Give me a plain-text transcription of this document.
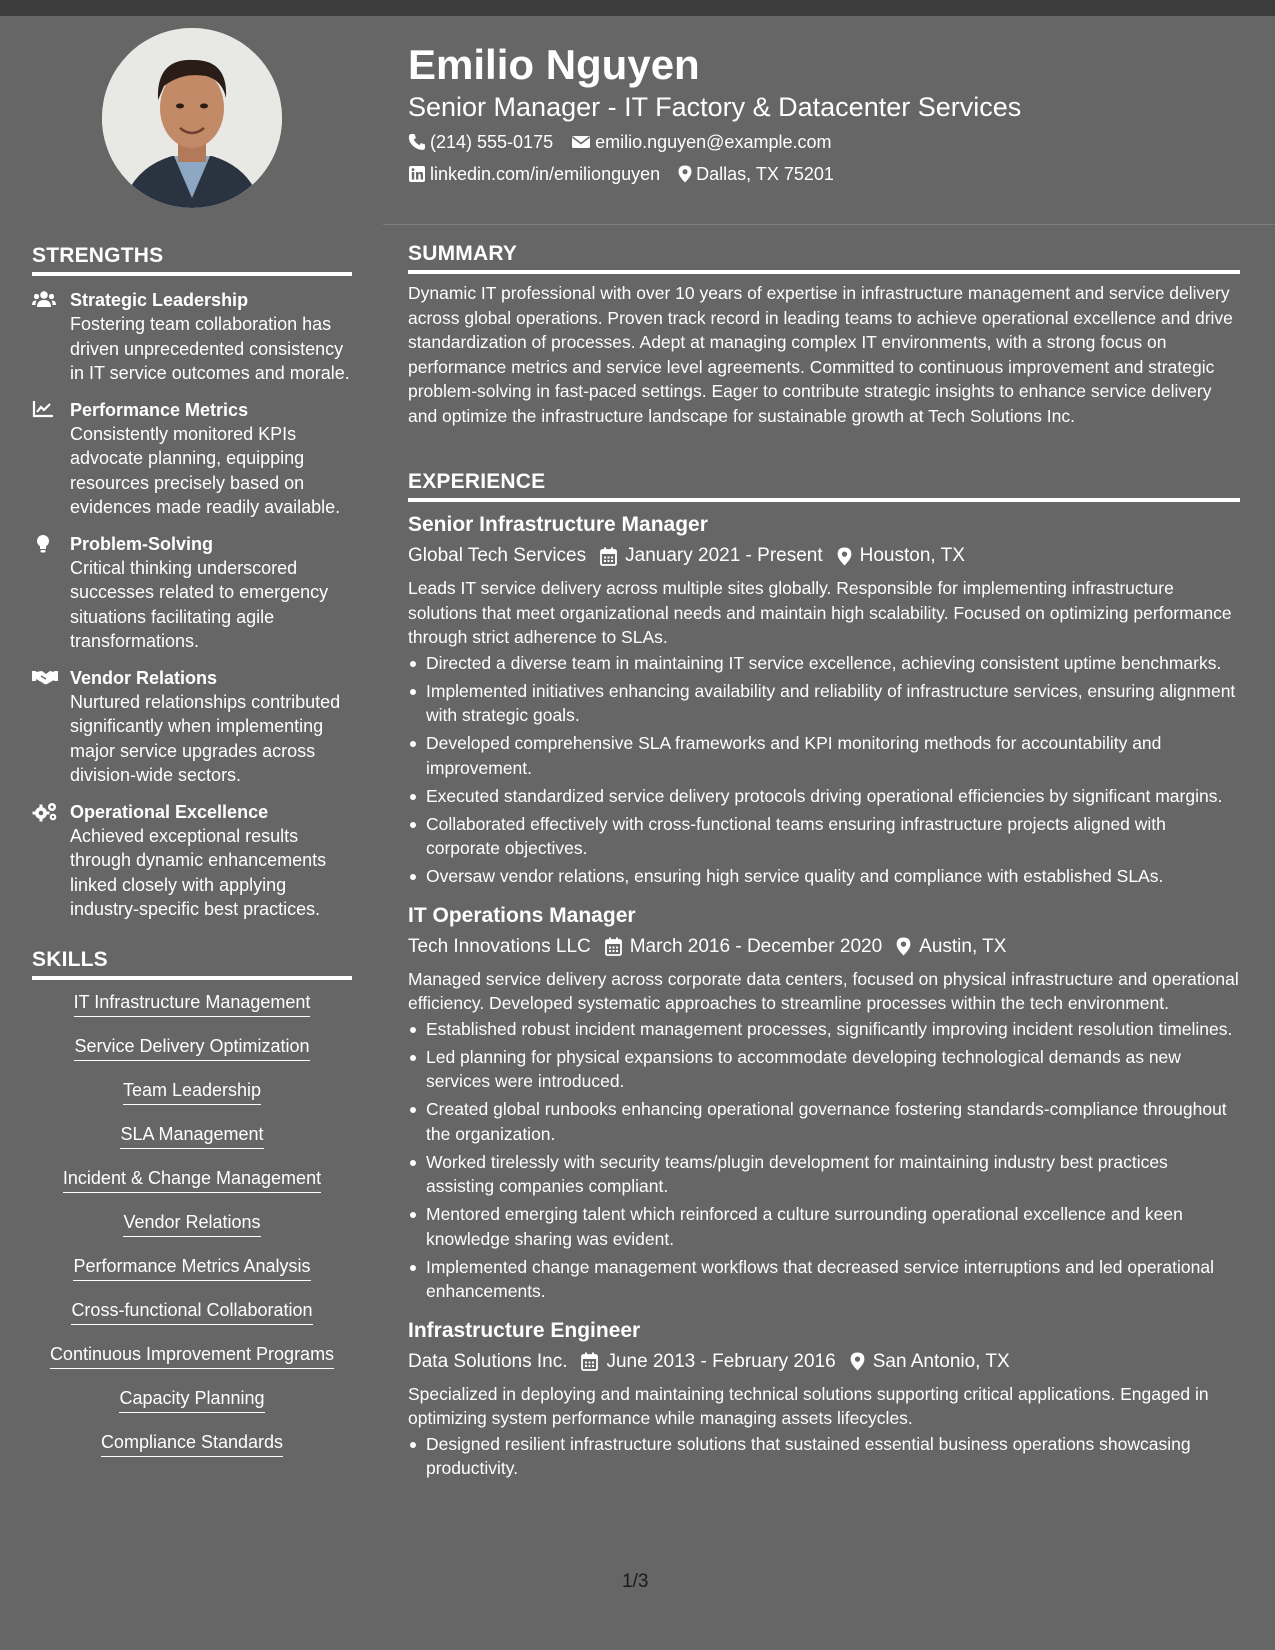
STRENGTHS
Strategic Leadership
Fostering team collaboration has driven unprecedented consistency in IT service outcomes and morale.
Performance Metrics
Consistently monitored KPIs advocate planning, equipping resources precisely based on evidences made readily available.
Problem-Solving
Critical thinking underscored successes related to emergency situations facilitating agile transformations.
Vendor Relations
Nurtured relationships contributed significantly when implementing major service upgrades across division-wide sectors.
Operational Excellence
Achieved exceptional results through dynamic enhancements linked closely with applying industry-specific best practices.
SKILLS
IT Infrastructure Management
Service Delivery Optimization
Team Leadership
SLA Management
Incident & Change Management
Vendor Relations
Performance Metrics Analysis
Cross-functional Collaboration
Continuous Improvement Programs
Capacity Planning
Compliance Standards
Emilio Nguyen
Senior Manager - IT Factory & Datacenter Services
(214) 555-0175 emilio.nguyen@example.com
linkedin.com/in/emilionguyen Dallas, TX 75201
SUMMARY
Dynamic IT professional with over 10 years of expertise in infrastructure management and service delivery across global operations. Proven track record in leading teams to achieve operational excellence and drive standardization of processes. Adept at managing complex IT environments, with a strong focus on performance metrics and service level agreements. Committed to continuous improvement and strategic problem-solving in fast-paced settings. Eager to contribute strategic insights to enhance service delivery and optimize the infrastructure landscape for sustainable growth at Tech Solutions Inc.
EXPERIENCE
Senior Infrastructure Manager
Global Tech Services January 2021 - Present Houston, TX
Leads IT service delivery across multiple sites globally. Responsible for implementing infrastructure solutions that meet organizational needs and maintain high scalability. Focused on optimizing performance through strict adherence to SLAs.
Directed a diverse team in maintaining IT service excellence, achieving consistent uptime benchmarks.
Implemented initiatives enhancing availability and reliability of infrastructure services, ensuring alignment with strategic goals.
Developed comprehensive SLA frameworks and KPI monitoring methods for accountability and improvement.
Executed standardized service delivery protocols driving operational efficiencies by significant margins.
Collaborated effectively with cross-functional teams ensuring infrastructure projects aligned with corporate objectives.
Oversaw vendor relations, ensuring high service quality and compliance with established SLAs.
IT Operations Manager
Tech Innovations LLC March 2016 - December 2020 Austin, TX
Managed service delivery across corporate data centers, focused on physical infrastructure and operational efficiency. Developed systematic approaches to streamline processes within the tech environment.
Established robust incident management processes, significantly improving incident resolution timelines.
Led planning for physical expansions to accommodate developing technological demands as new services were introduced.
Created global runbooks enhancing operational governance fostering standards-compliance throughout the organization.
Worked tirelessly with security teams/plugin development for maintaining industry best practices assisting companies compliant.
Mentored emerging talent which reinforced a culture surrounding operational excellence and keen knowledge sharing was evident.
Implemented change management workflows that decreased service interruptions and led operational enhancements.
Infrastructure Engineer
Data Solutions Inc. June 2013 - February 2016 San Antonio, TX
Specialized in deploying and maintaining technical solutions supporting critical applications. Engaged in optimizing system performance while managing assets lifecycles.
Designed resilient infrastructure solutions that sustained essential business operations showcasing productivity.
1/3
